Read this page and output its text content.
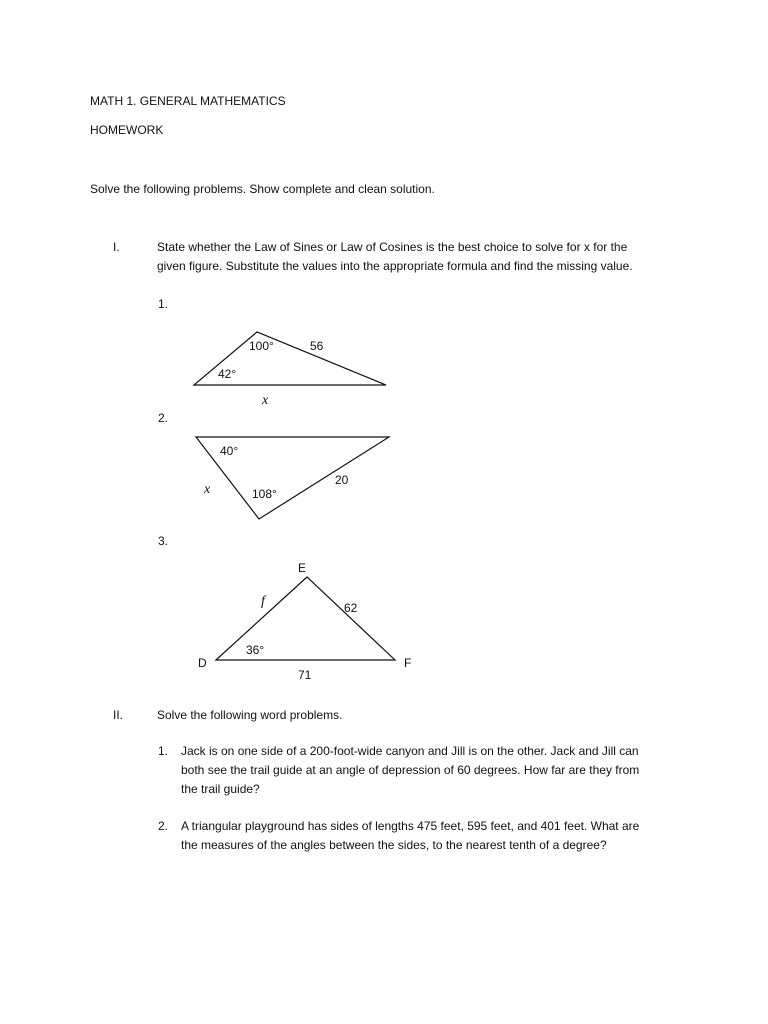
MATH 1. GENERAL MATHEMATICS
HOMEWORK
Solve the following problems. Show complete and clean solution.
I.	State whether the Law of Sines or Law of Cosines is the best choice to solve for x for the
given figure. Substitute the values into the appropriate formula and find the missing value.
1.
42°
100°	56
x
2.
40°
108°
20
x
3.
E
D	F
f	62
36°
71
II.	Solve the following word problems.
1. Jack is on one side of a 200-foot-wide canyon and Jill is on the other. Jack and Jill can
both see the trail guide at an angle of depression of 60 degrees. How far are they from
the trail guide?
2. A triangular playground has sides of lengths 475 feet, 595 feet, and 401 feet. What are
the measures of the angles between the sides, to the nearest tenth of a degree?
